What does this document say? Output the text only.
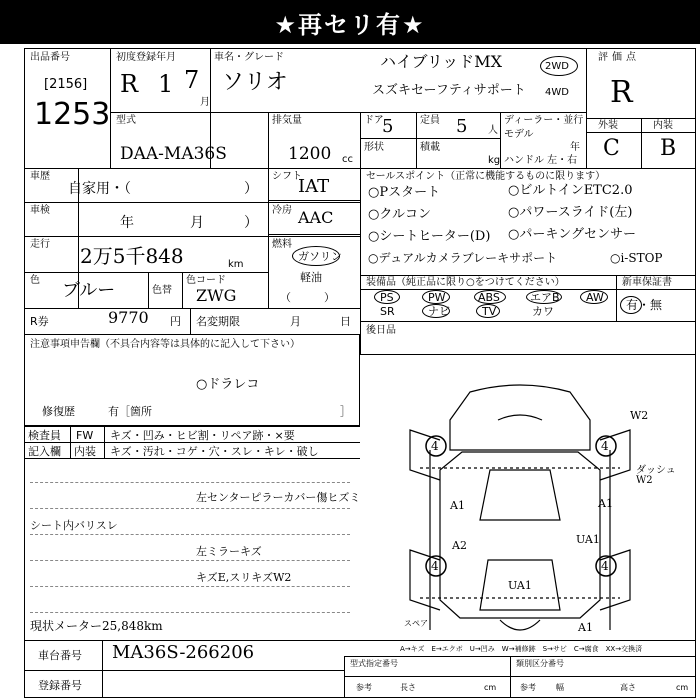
★再セリ有★
出品番号
[2156]
1253
初度登録年月
R 1 7
月
車名・グレード
ソリオ
ハイブリッドMX
スズキセーフティサポート
2WD
4WD
評価点
R
外装	内装
C B
型式
DAA-MA36S
排気量
1200 cc
ドア
5	定員 5 人
形状	積載
kg
ディーラー・並行
モデル
年
ハンドル 左・右
車歴
自家用・（	）
車検
年	月	）
走行 2万5千848	km
色 ブルー	色替
色コード
ZWG
シフト
IAT
冷房 AAC
燃料
ガソリン
軽油
（　　　）
セールスポイント（正常に機能するものに限ります）
○Pスタート	○ビルトインETC2.0
○クルコン	○パワースライド(左)
○シートヒーター(D) ○パーキングセンサー
○デュアルカメラブレーキサポート	○i-STOP
装備品（純正品に限り○をつけてください）	新車保証書
PS	PW	ABS	エアB AW
SR	ナビ	TV	カワ	有・無
R券	9770 円 名変期限	月	日
後日品
注意事項申告欄（不具合内容等は具体的に記入して下さい）
○ドラレコ
修復歴	有［箇所	］
検査員 FW キズ・凹み・ヒビ割・リペア跡・×要
記入欄 内装 キズ・汚れ・コゲ・穴・スレ・キレ・破し
左センターピラーカバー傷ヒズミ
シート内バリスレ
左ミラーキズ
キズE,スリキズW2
現状メーター25,848km
4	4
4	4
A1
A2
UA1
UA1
A1
W2
ダッシュ W2
A1
スペア
A→キズ　E→エクボ　U→凹み　W→補修跡　S→サビ　C→腐食　XX→交換済
車台番号 MA36S-266206
登録番号
型式指定番号	類別区分番号
参考	長さ	cm	参考	幅	高さ	cm
